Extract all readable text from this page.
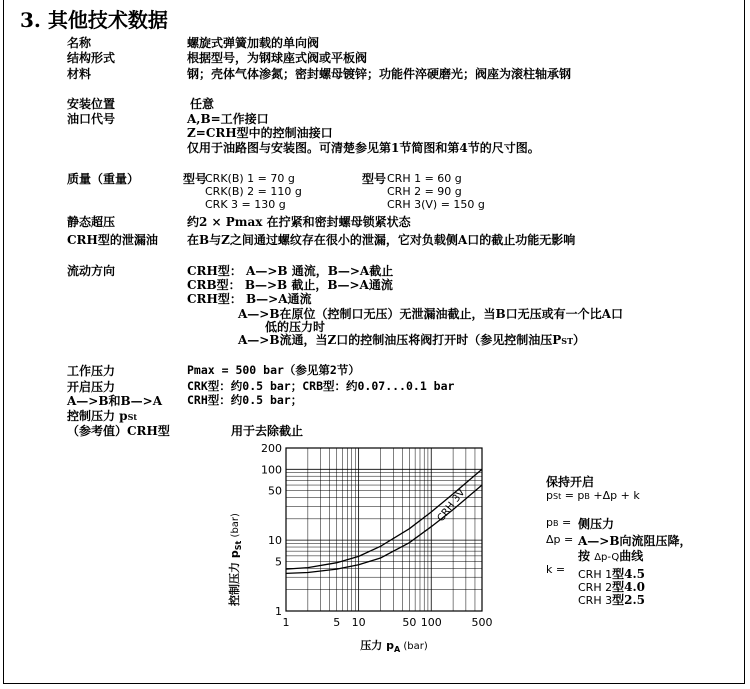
3. 其他技术数据
名称	螺旋式弹簧加载的单向阀
结构形式	根据型号，为钢球座式阀或平板阀
材料	钢；壳体气体渗氮；密封螺母镀锌；功能件淬硬磨光；阀座为滚柱轴承钢
安装位置	任意
油口代号	A,B=工作接口
Z=CRH型中的控制油接口
仅用于油路图与安装图。可清楚参见第1节简图和第4节的尺寸图。
质量（重量）	型号
CRK(B) 1 = 70 g
CRK(B) 2 = 110 g
CRK 3 = 130 g
型号 CRH 1 = 60 g
CRH 2 = 90 g
CRH 3(V) = 150 g
静态超压	约2 × Pmax 在拧紧和密封螺母锁紧状态
CRH型的泄漏油 在B与Z之间通过螺纹存在很小的泄漏，它对负载侧A口的截止功能无影响
流动方向	CRH型： A—>B 通流，B—>A截止
CRB型： B—>B 截止，B—>A通流
CRH型： B—>A通流
A—>B在原位（控制口无压）无泄漏油截止，当B口无压或有一个比A口
低的压力时
A—>B流通，当Z口的控制油压将阀打开时（参见控制油压PST）
工作压力	Pmax = 500 bar（参见第2节）
开启压力	CRK型：约0.5 bar；CRB型：约0.07...0.1 bar
A—>B和B—>A CRH型：约0.5 bar；
控制压力 pSt
（参考值）CRH型	用于去除截止
1	5 10	50 100	500
1
5
10
50
100
200
CRH 3V
压力 $p_A$ (bar)
控制压力 $p_{St}$ (bar)
保持开启
pSt = pB +Δp + k
pB = 侧压力
Δp = A—>B向流阻压降，
按 Δp-Q曲线
k = CRH 1型4.5
CRH 2型4.0
CRH 3型2.5
